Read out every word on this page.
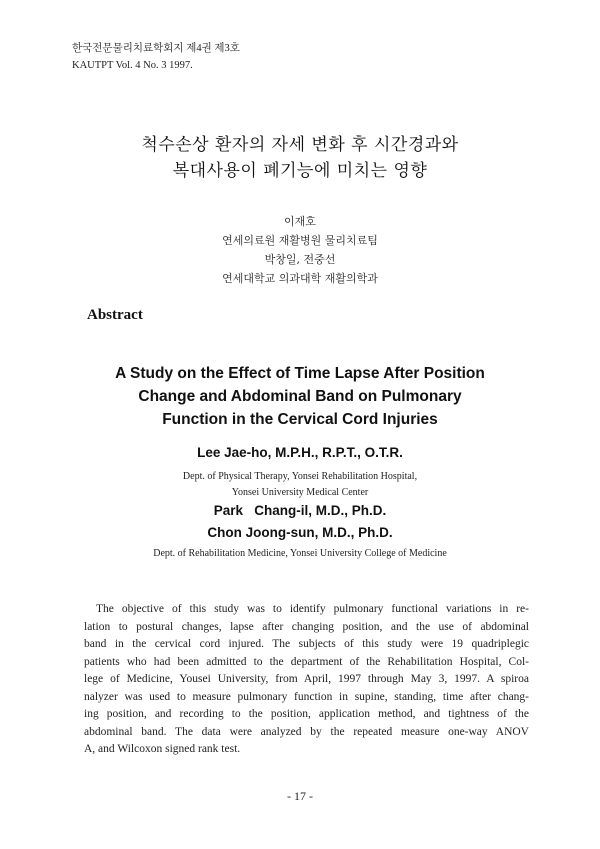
한국전문물리치료학회지 제4권 제3호
KAUTPT Vol. 4 No. 3 1997.
척수손상 환자의 자세 변화 후 시간경과와
복대사용이 폐기능에 미치는 영향
이재호
연세의료원 재활병원 물리치료팀
박창일, 전중선
연세대학교 의과대학 재활의학과
Abstract
A Study on the Effect of Time Lapse After Position
Change and Abdominal Band on Pulmonary
Function in the Cervical Cord Injuries
Lee Jae-ho, M.P.H., R.P.T., O.T.R.
Dept. of Physical Therapy, Yonsei Rehabilitation Hospital,
Yonsei University Medical Center
Park   Chang-il, M.D., Ph.D.
Chon Joong-sun, M.D., Ph.D.
Dept. of Rehabilitation Medicine, Yonsei University College of Medicine
The objective of this study was to identify pulmonary functional variations in re-
lation to postural changes, lapse after changing position, and the use of abdominal
band in the cervical cord injured. The subjects of this study were 19 quadriplegic
patients who had been admitted to the department of the Rehabilitation Hospital, Col-
lege of Medicine, Yousei University, from April, 1997 through May 3, 1997. A spiroa
nalyzer was used to measure pulmonary function in supine, standing, time after chang-
ing position, and recording to the position, application method, and tightness of the
abdominal band. The data were analyzed by the repeated measure one-way ANOV
A, and Wilcoxon signed rank test.
- 17 -
